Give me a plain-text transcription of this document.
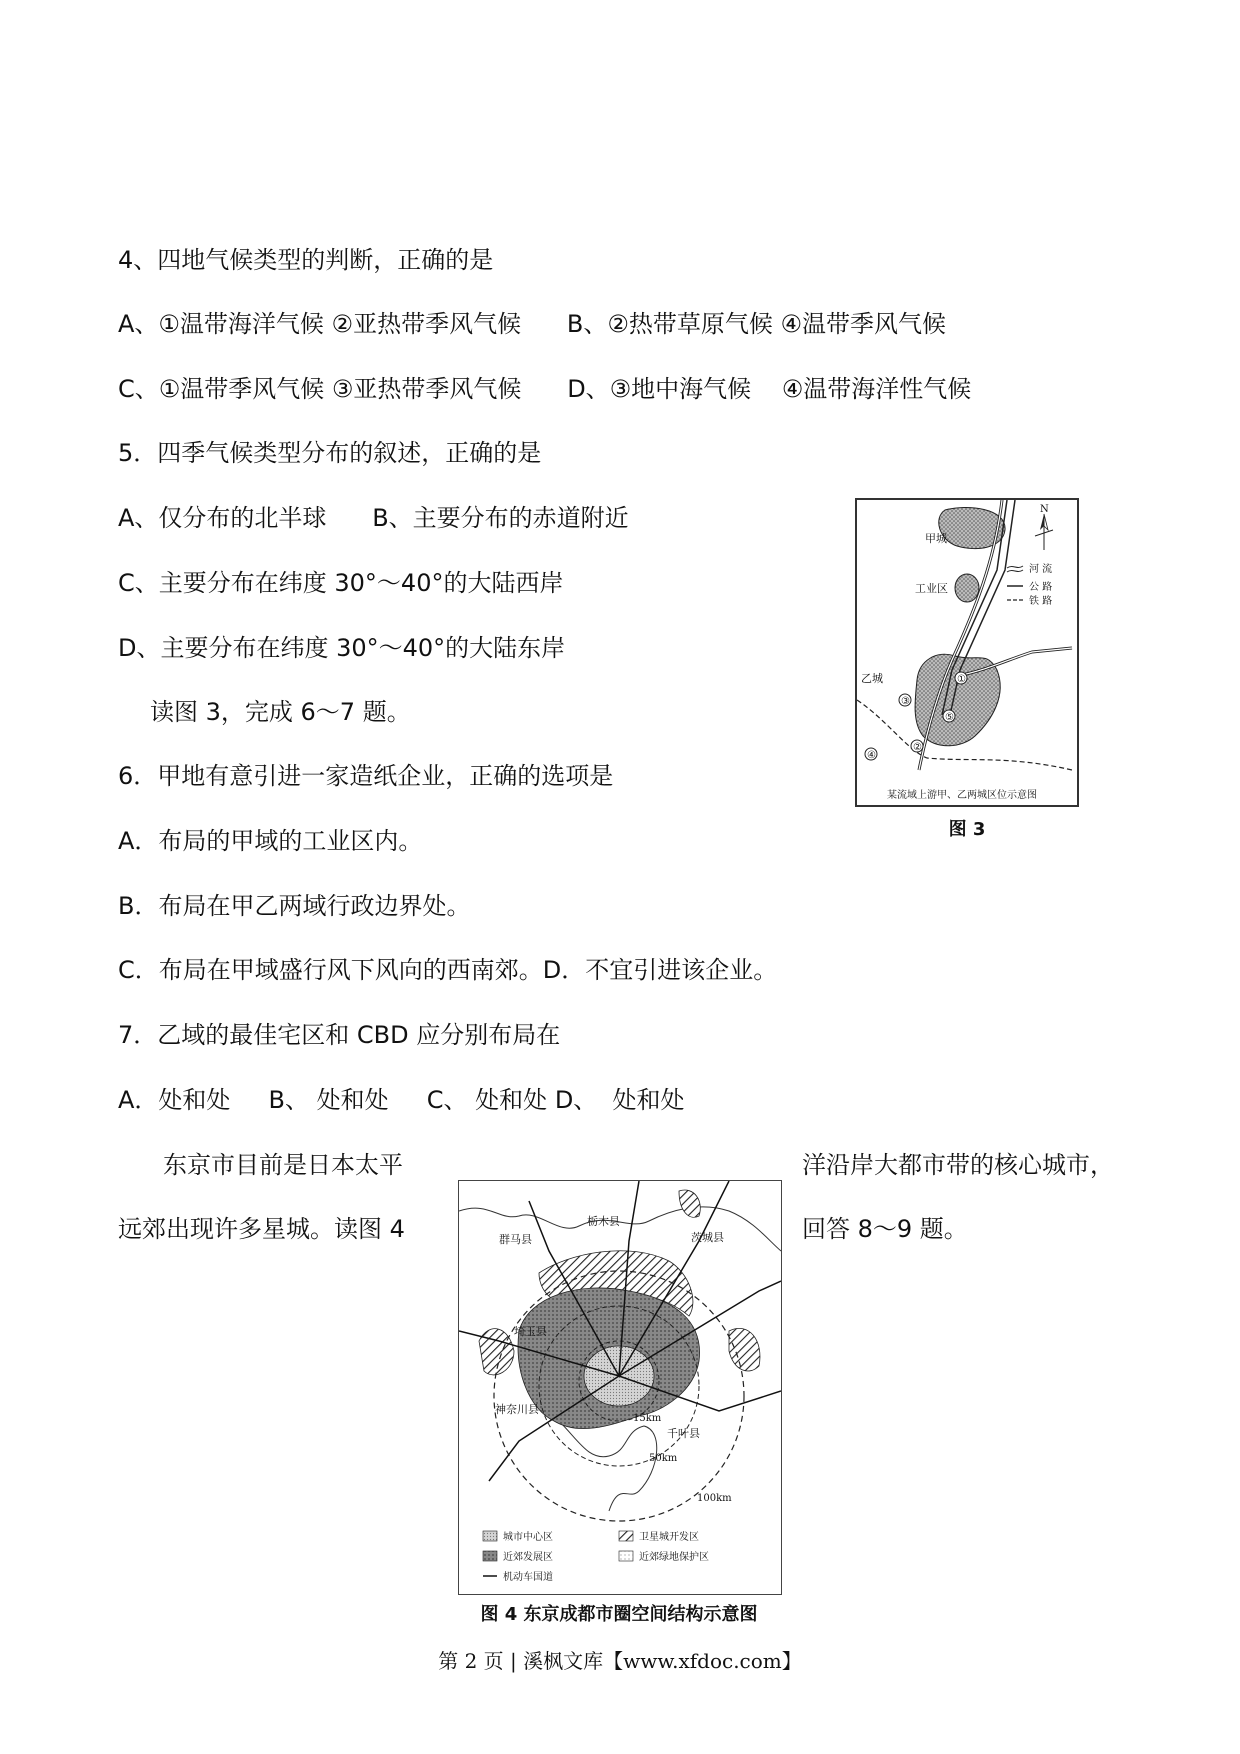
4、四地气候类型的判断，正确的是
A、①温带海洋气候 ②亚热带季风气候      B、②热带草原气候 ④温带季风气候
C、①温带季风气候 ③亚热带季风气候      D、③地中海气候    ④温带海洋性气候
5．四季气候类型分布的叙述，正确的是
A、仅分布的北半球      B、主要分布的赤道附近
C、主要分布在纬度 30°～40°的大陆西岸
D、主要分布在纬度 30°～40°的大陆东岸
读图 3，完成 6～7 题。
6．甲地有意引进一家造纸企业，正确的选项是
A．布局的甲域的工业区内。
B．布局在甲乙两域行政边界处。
C．布局在甲域盛行风下风向的西南郊。D．不宜引进该企业。
7．乙域的最佳宅区和 CBD 应分别布局在
A．处和处     B、 处和处     C、 处和处 D、  处和处
东京市目前是日本太平	洋沿岸大都市带的核心城市，
远郊出现许多星城。读图 4	回答 8～9 题。
N
河 流
公 路
铁 路
甲城
工业区
乙城	①
②
③
④
⑤
某流域上游甲、乙两城区位示意图
图 3
群马县
栃木县
茨城县
埼玉县
神奈川县
千叶县
15km
50km
100km
城市中心区	卫星城开发区
近郊发展区	近郊绿地保护区
机动车国道
图 4 东京成都市圈空间结构示意图
第 2 页 | 溪枫文库【www.xfdoc.com】
